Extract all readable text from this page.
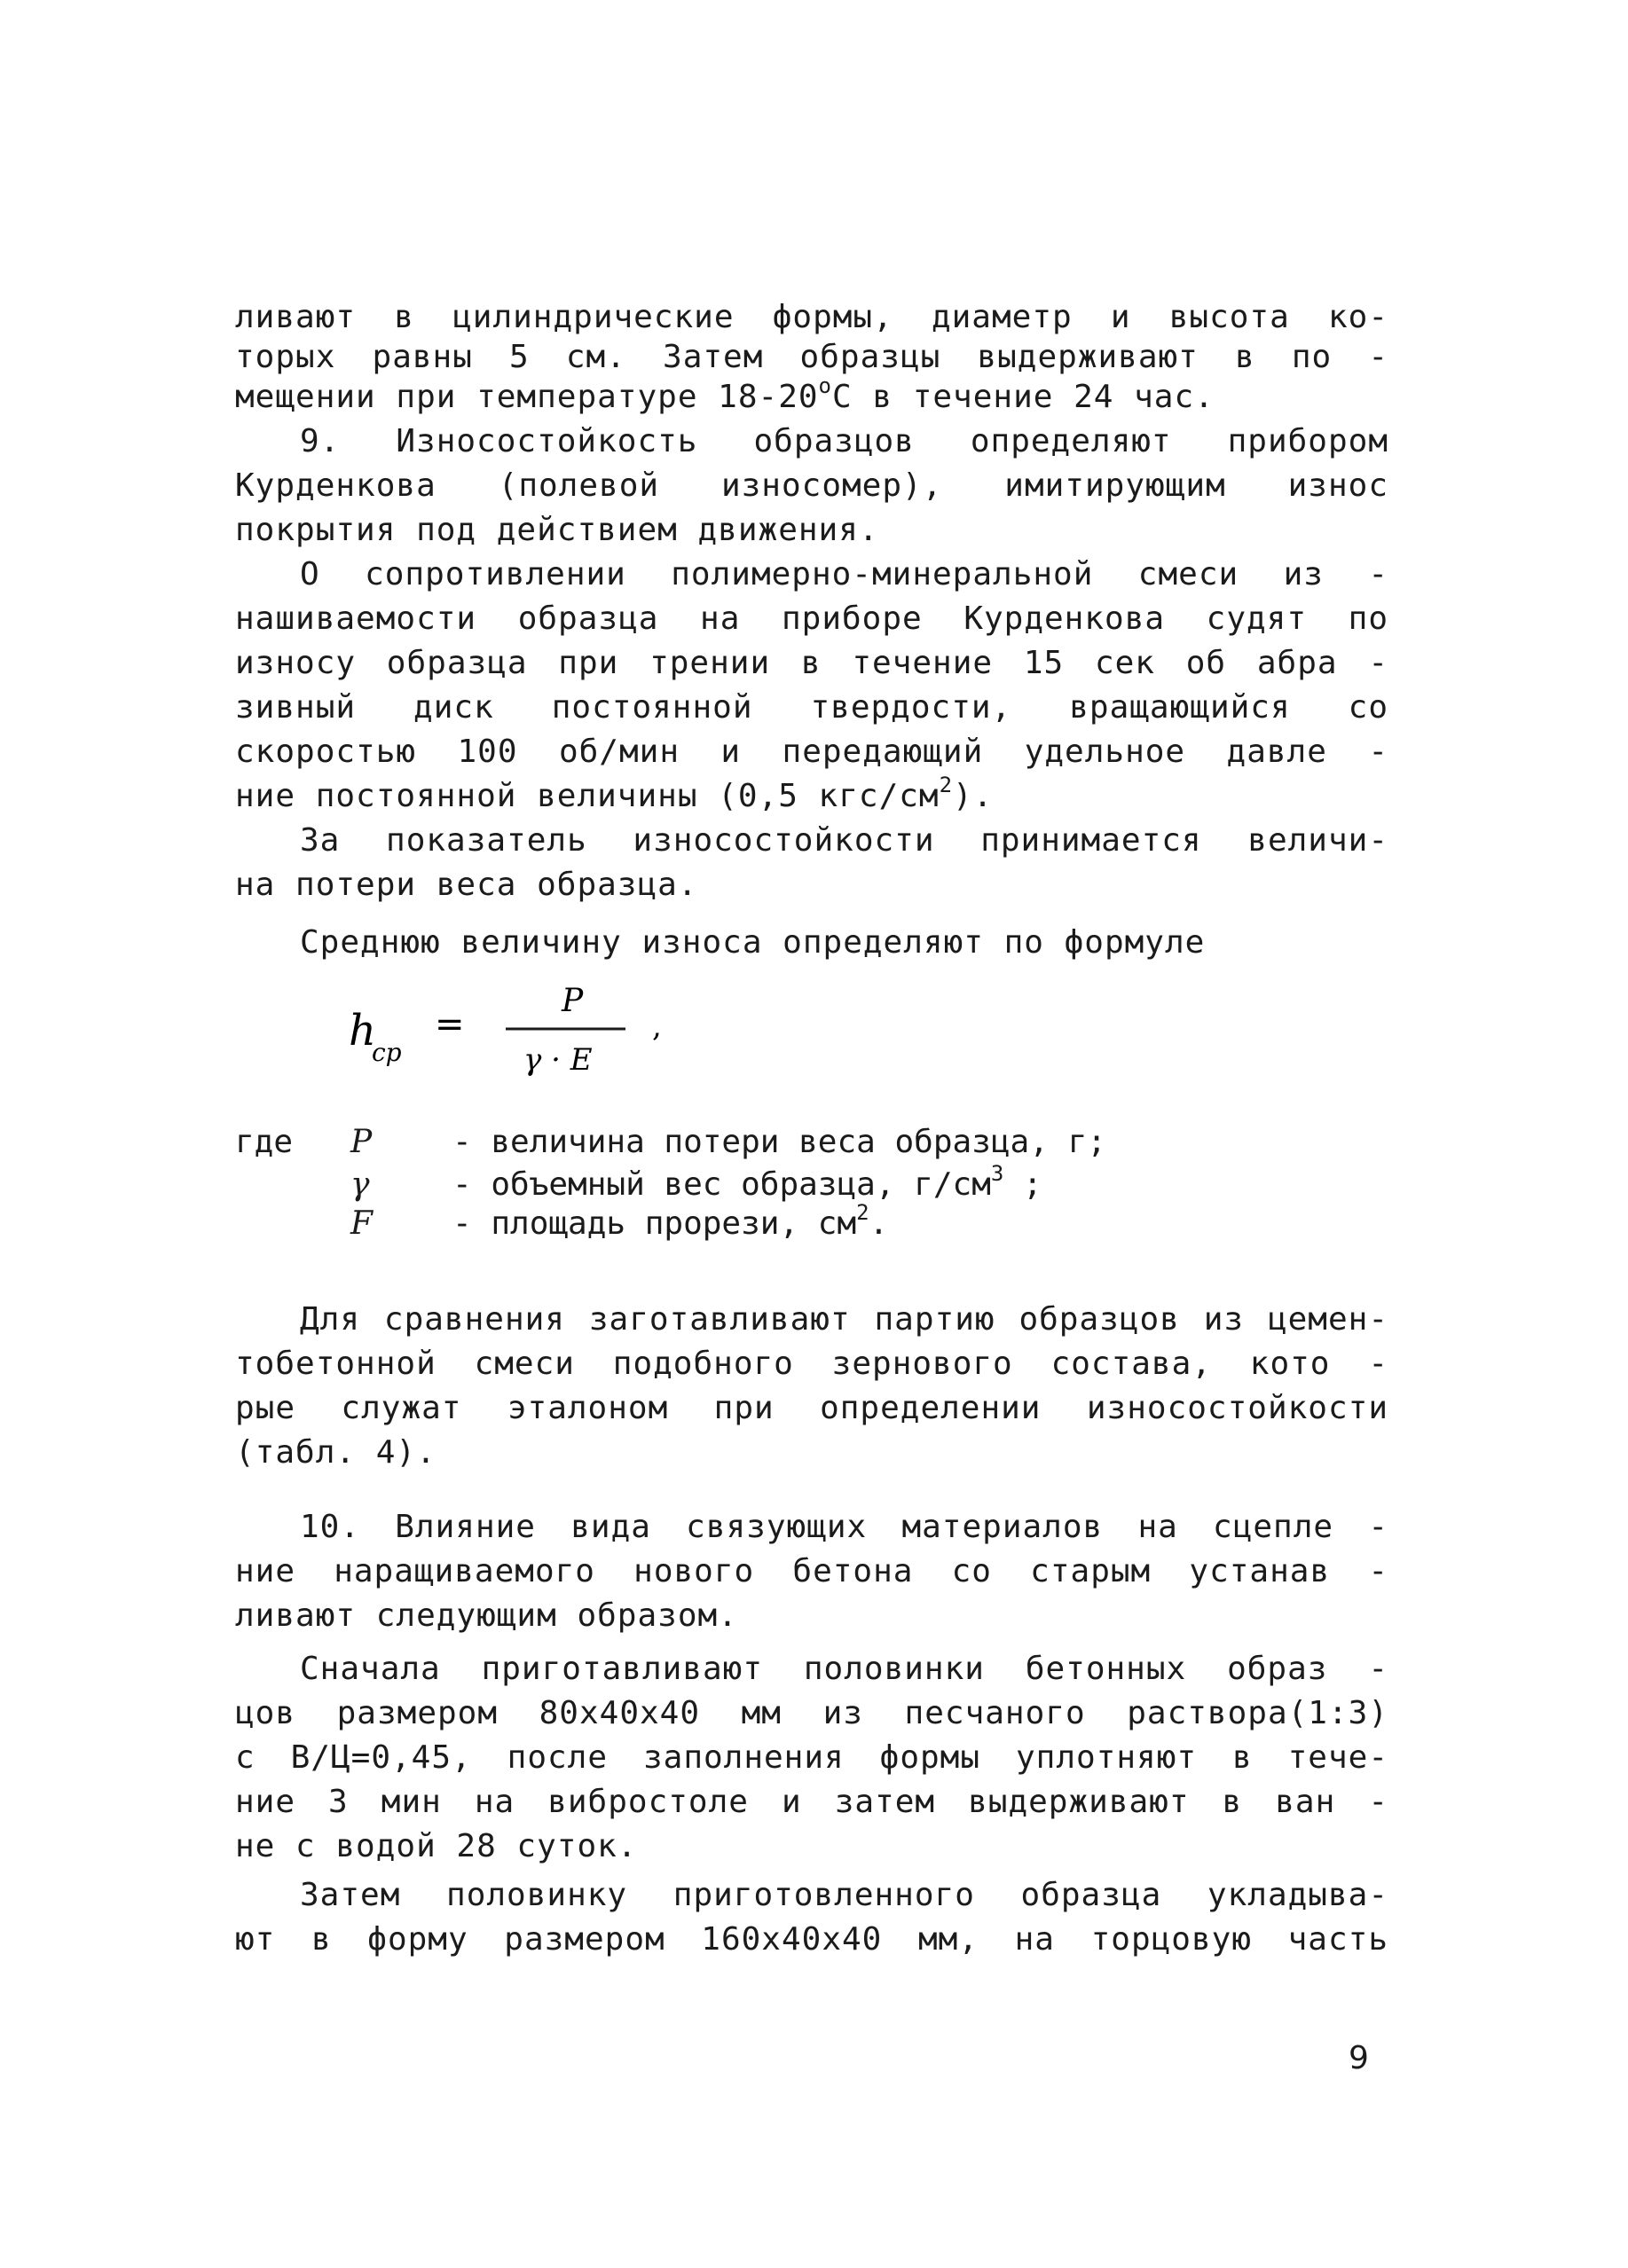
ливают в цилиндрические формы, диаметр и высота ко-
торых равны 5 см. Затем образцы выдерживают в по -
мещении при температуре $18-20^оС$ в течение 24 час.
9. Износостойкость образцов определяют прибором
Курденкова (полевой износомер), имитирующим износ
покрытия под действием движения.
О сопротивлении полимерно-минеральной смеси из -
нашиваемости образца на приборе Курденкова судят по
износу образца при трении в течение 15 сек об абра -
зивный диск постоянной твердости, вращающийся со
скоростью 100 об/мин и передающий удельное давле -
ние постоянной величины (0,5 кгс/$см^2$).
За показатель износостойкости принимается величи-
на потери веса образца.
Среднюю величину износа определяют по формуле
h
cp
=
P
γ · E
,
где P	- величина потери веса образца, г;
γ	- объемный вес образца, $г/см^3$ ;
F	- площадь прорези, $см^2$.
Для сравнения заготавливают партию образцов из цемен-
тобетонной смеси подобного зернового состава, кото -
рые служат эталоном при определении износостойкости
(табл. 4).
10. Влияние вида связующих материалов на сцепле -
ние наращиваемого нового бетона со старым устанав -
ливают следующим образом.
Сначала приготавливают половинки бетонных образ -
цов размером 80х40х40 мм из песчаного раствора(1:3)
с В/Ц=0,45, после заполнения формы уплотняют в тече-
ние 3 мин на вибростоле и затем выдерживают в ван -
не с водой 28 суток.
Затем половинку приготовленного образца укладыва-
ют в форму размером 160х40х40 мм, на торцовую часть
9
